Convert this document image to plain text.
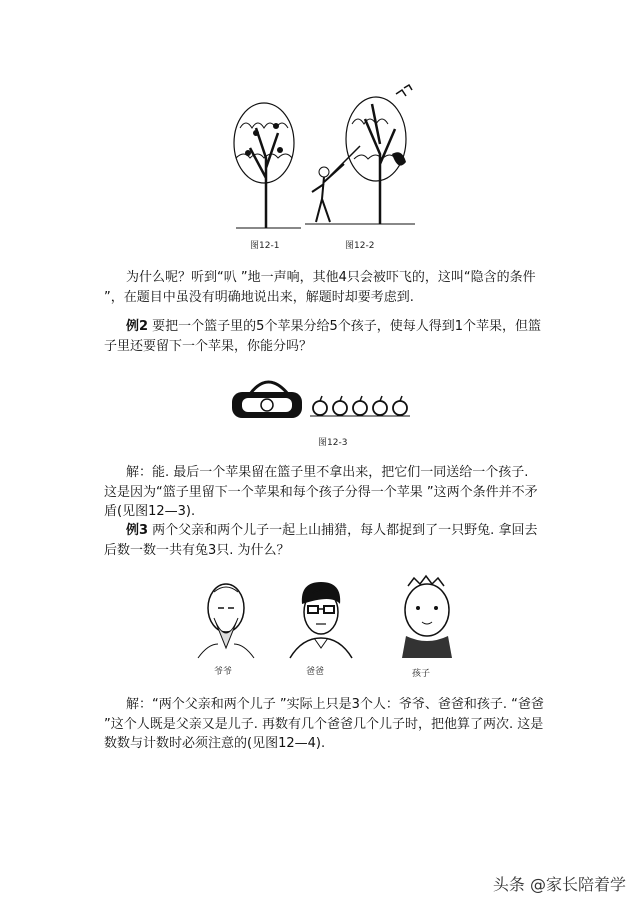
图12-1	图12-2
为什么呢？听到“叭 ”地一声响，其他4只会被吓飞的，这叫“隐含的条件 ”，在题目中虽没有明确地说出来，解题时却要考虑到.
例2 要把一个篮子里的5个苹果分给5个孩子，使每人得到1个苹果，但篮子里还要留下一个苹果，你能分吗？
图12-3
解：能. 最后一个苹果留在篮子里不拿出来，把它们一同送给一个孩子. 这是因为“篮子里留下一个苹果和每个孩子分得一个苹果 ”这两个条件并不矛盾(见图12—3).
例3 两个父亲和两个儿子一起上山捕猎，每人都捉到了一只野兔. 拿回去后数一数一共有兔3只. 为什么？
爷爷	爸爸	孩子
解：“两个父亲和两个儿子 ”实际上只是3个人：爷爷、爸爸和孩子. “爸爸 ”这个人既是父亲又是儿子. 再数有几个爸爸几个儿子时，把他算了两次. 这是数数与计数时必须注意的(见图12—4).
头条 @家长陪着学
